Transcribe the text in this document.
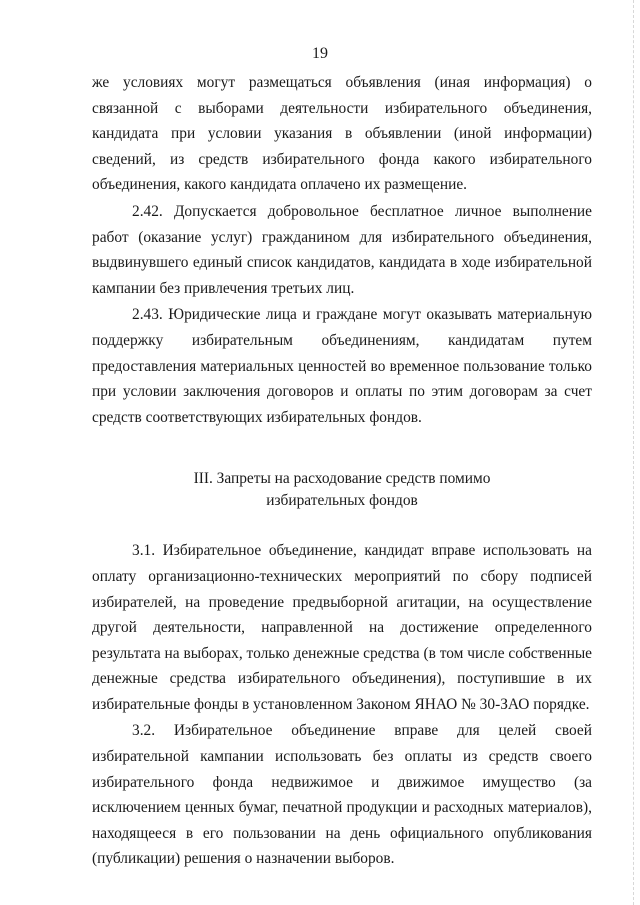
19

же условиях могут размещаться объявления (иная информация) о связанной с выборами деятельности избирательного объединения, кандидата при условии указания в объявлении (иной информации) сведений, из средств избирательного фонда какого избирательного объединения, какого кандидата оплачено их размещение.

2.42. Допускается добровольное бесплатное личное выполнение работ (оказание услуг) гражданином для избирательного объединения, выдвинувшего единый список кандидатов, кандидата в ходе избирательной кампании без привлечения третьих лиц.

2.43. Юридические лица и граждане могут оказывать материальную поддержку избирательным объединениям, кандидатам путем предоставления материальных ценностей во временное пользование только при условии заключения договоров и оплаты по этим договорам за счет средств соответствующих избирательных фондов.

III. Запреты на расходование средств помимо

избирательных фондов

3.1. Избирательное объединение, кандидат вправе использовать на оплату организационно-технических мероприятий по сбору подписей избирателей, на проведение предвыборной агитации, на осуществление другой деятельности, направленной на достижение определенного результата на выборах, только денежные средства (в том числе собственные денежные средства избирательного объединения), поступившие в их избирательные фонды в установленном Законом ЯНАО № 30-ЗАО порядке.

3.2. Избирательное объединение вправе для целей своей избирательной кампании использовать без оплаты из средств своего избирательного фонда недвижимое и движимое имущество (за исключением ценных бумаг, печатной продукции и расходных материалов), находящееся в его пользовании на день официального опубликования (публикации) решения о назначении выборов.
